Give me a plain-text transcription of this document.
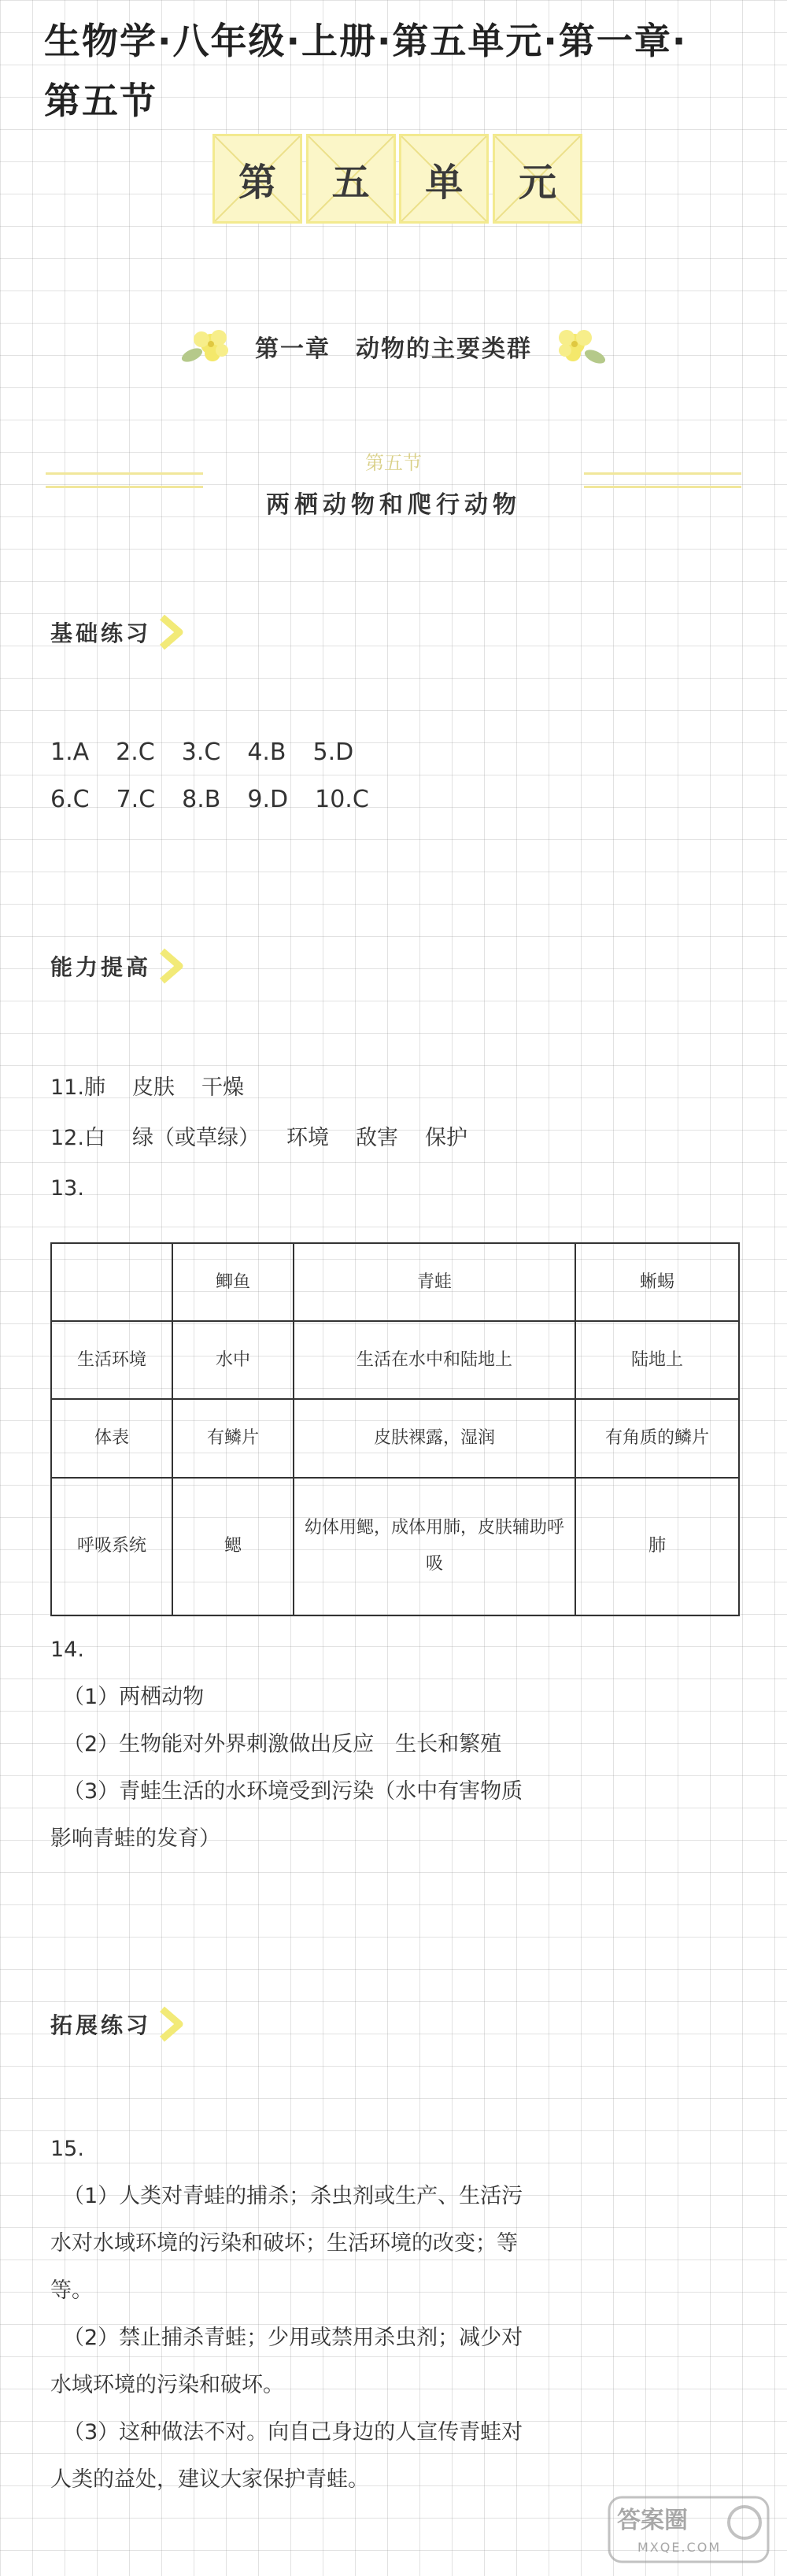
生物学·八年级·上册·第五单元·第一章·
第五节
第 五 单 元
第一章　动物的主要类群
第五节
两栖动物和爬行动物
基础练习
1.A 2.C 3.C 4.B 5.D
6.C 7.C 8.B 9.D 10.C
能力提高
11.肺 皮肤 干燥
12.白 绿（或草绿） 环境 敌害 保护
13.
	鲫鱼	青蛙	蜥蜴
生活环境	水中	生活在水中和陆地上	陆地上
体表	有鳞片	皮肤裸露，湿润	有角质的鳞片
呼吸系统	鳃	幼体用鳃，成体用肺，皮肤辅助呼吸	肺
14.
（1）两栖动物
（2）生物能对外界刺激做出反应　生长和繁殖
（3）青蛙生活的水环境受到污染（水中有害物质
影响青蛙的发育）
拓展练习
15.
（1）人类对青蛙的捕杀；杀虫剂或生产、生活污
水对水域环境的污染和破坏；生活环境的改变；等
等。
（2）禁止捕杀青蛙；少用或禁用杀虫剂；减少对
水域环境的污染和破坏。
（3）这种做法不对。向自己身边的人宣传青蛙对
人类的益处，建议大家保护青蛙。
答案圈
MXQE.COM
